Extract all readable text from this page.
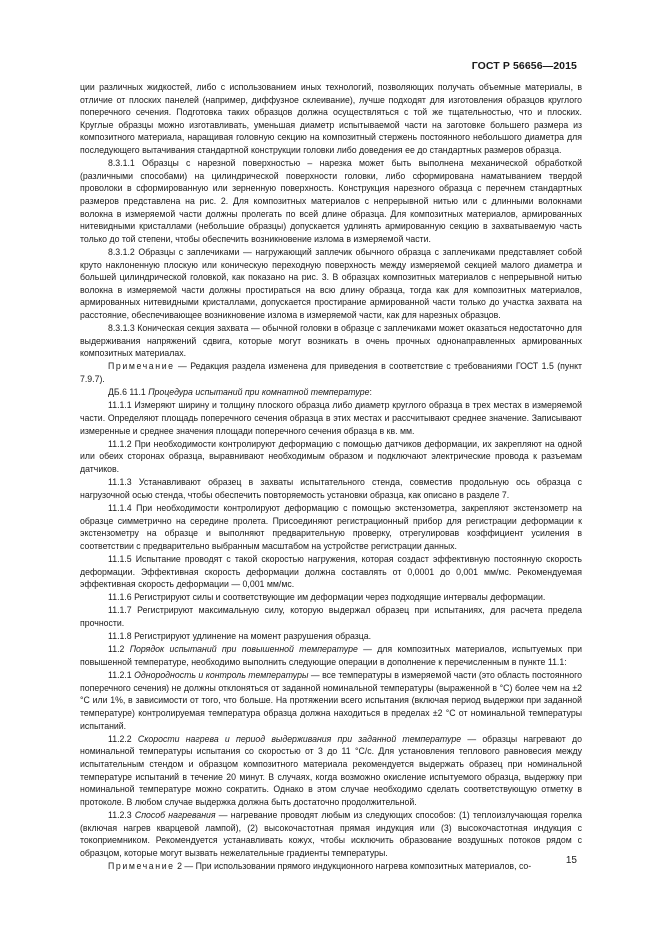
ГОСТ Р 56656—2015

ции различных жидкостей, либо с использованием иных технологий, позволяющих получать объемные материалы, в отличие от плоских панелей (например, диффузное склеивание), лучше подходят для изготовления образцов круглого поперечного сечения. Подготовка таких образцов должна осуществляться с той же тщательностью, что и плоских. Круглые образцы можно изготавливать, уменьшая диаметр испытываемой части на заготовке большего размера из композитного материала, наращивая головную секцию на композитный стержень постоянного небольшого диаметра для последующего вытачивания стандартной конструкции головки либо доведения ее до стандартных размеров образца.

8.3.1.1 Образцы с нарезной поверхностью – нарезка может быть выполнена механической обработкой (различными способами) на цилиндрической поверхности головки, либо сформирована наматыванием твердой проволоки в сформированную или зерненную поверхность. Конструкция нарезного образца с перечнем стандартных размеров представлена на рис. 2. Для композитных материалов с непрерывной нитью или с длинными волокнами волокна в измеряемой части должны пролегать по всей длине образца. Для композитных материалов, армированных нитевидными кристаллами (небольшие образцы) допускается удлинять армированную секцию в захватываемую часть только до той степени, чтобы обеспечить возникновение излома в измеряемой части.

8.3.1.2 Образцы с заплечиками — нагружающий заплечик обычного образца с заплечиками представляет собой круто наклоненную плоскую или коническую переходную поверхность между измеряемой секцией малого диаметра и большей цилиндрической головкой, как показано на рис. 3. В образцах композитных материалов с непрерывной нитью волокна в измеряемой части должны простираться на всю длину образца, тогда как для композитных материалов, армированных нитевидными кристаллами, допускается простирание армированной части только до участка захвата на расстояние, обеспечивающее возникновение излома в измеряемой части, как для нарезных образцов.

8.3.1.3 Коническая секция захвата — обычной головки в образце с заплечиками может оказаться недостаточно для выдерживания напряжений сдвига, которые могут возникать в очень прочных однонаправленных армированных композитных материалах.

Примечание — Редакция раздела изменена для приведения в соответствие с требованиями ГОСТ 1.5 (пункт 7.9.7).

ДБ.6 11.1 Процедура испытаний при комнатной температуре:

11.1.1 Измеряют ширину и толщину плоского образца либо диаметр круглого образца в трех местах в измеряемой части. Определяют площадь поперечного сечения образца в этих местах и рассчитывают среднее значение. Записывают измеренные и среднее значения площади поперечного сечения образца в кв. мм.

11.1.2 При необходимости контролируют деформацию с помощью датчиков деформации, их закрепляют на одной или обеих сторонах образца, выравнивают необходимым образом и подключают электрические провода к разъемам датчиков.

11.1.3 Устанавливают образец в захваты испытательного стенда, совместив продольную ось образца с нагрузочной осью стенда, чтобы обеспечить повторяемость установки образца, как описано в разделе 7.

11.1.4 При необходимости контролируют деформацию с помощью экстензометра, закрепляют экстензометр на образце симметрично на середине пролета. Присоединяют регистрационный прибор для регистрации деформации к экстензометру на образце и выполняют предварительную проверку, отрегулировав коэффициент усиления в соответствии с предварительно выбранным масштабом на устройстве регистрации данных.

11.1.5 Испытание проводят с такой скоростью нагружения, которая создаст эффективную постоянную скорость деформации. Эффективная скорость деформации должна составлять от 0,0001 до 0,001 мм/мс. Рекомендуемая эффективная скорость деформации — 0,001 мм/мс.

11.1.6 Регистрируют силы и соответствующие им деформации через подходящие интервалы деформации.

11.1.7 Регистрируют максимальную силу, которую выдержал образец при испытаниях, для расчета предела прочности.

11.1.8 Регистрируют удлинение на момент разрушения образца.

11.2 Порядок испытаний при повышенной температуре — для композитных материалов, испытуемых при повышенной температуре, необходимо выполнить следующие операции в дополнение к перечисленным в пункте 11.1:

11.2.1 Однородность и контроль температуры — все температуры в измеряемой части (это область постоянного поперечного сечения) не должны отклоняться от заданной номинальной температуры (выраженной в °С) более чем на ±2 °С или 1%, в зависимости от того, что больше. На протяжении всего испытания (включая период выдержки при заданной температуре) контролируемая температура образца должна находиться в пределах ±2 °С от номинальной температуры испытаний.

11.2.2 Скорости нагрева и период выдерживания при заданной температуре — образцы нагревают до номинальной температуры испытания со скоростью от 3 до 11 °С/с. Для установления теплового равновесия между испытательным стендом и образцом композитного материала рекомендуется выдержать образец при номинальной температуре испытаний в течение 20 минут. В случаях, когда возможно окисление испытуемого образца, выдержку при номинальной температуре можно сократить. Однако в этом случае необходимо сделать соответствующую отметку в протоколе. В любом случае выдержка должна быть достаточно продолжительной.

11.2.3 Способ нагревания — нагревание проводят любым из следующих способов: (1) теплоизлучающая горелка (включая нагрев кварцевой лампой), (2) высокочастотная прямая индукция или (3) высокочастотная индукция с токоприемником. Рекомендуется устанавливать кожух, чтобы исключить образование воздушных потоков рядом с образцом, которые могут вызвать нежелательные градиенты температуры.

Примечание 2 — При использовании прямого индукционного нагрева композитных материалов, со-	15
